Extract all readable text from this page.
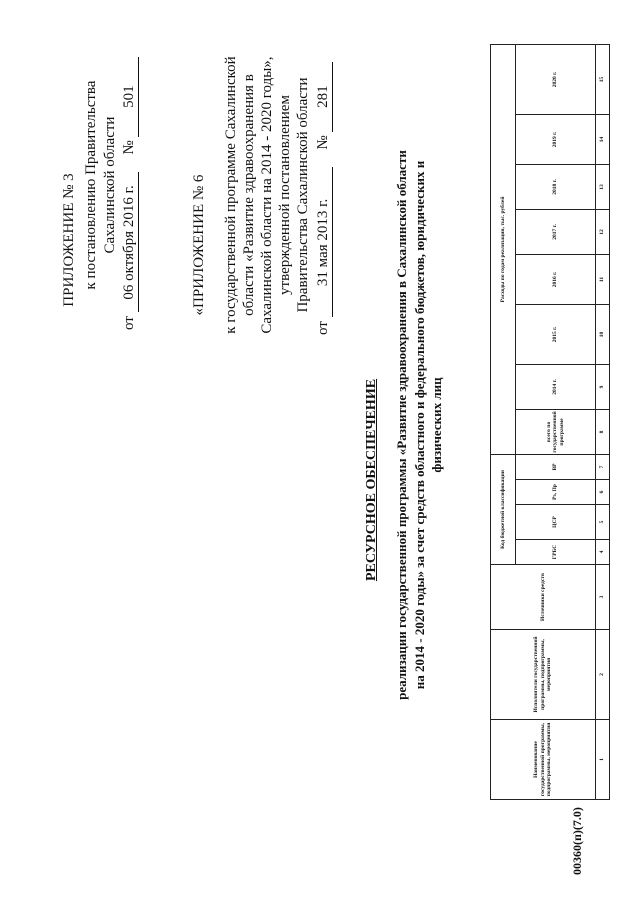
ПРИЛОЖЕНИЕ № 3 к постановлению Правительства Сахалинской области
от 06 октября 2016 г. № 501
«ПРИЛОЖЕНИЕ № 6 к государственной программе Сахалинской области «Развитие здравоохранения в Сахалинской области на 2014 - 2020 годы», утвержденной постановлением Правительства Сахалинской области
от 31 мая 2013 г. № 281
РЕСУРСНОЕ ОБЕСПЕЧЕНИЕ реализации государственной программы «Развитие здравоохранения в Сахалинской области на 2014 - 2020 годы» за счет средств областного и федерального бюджетов, юридических и физических лиц
Наименование государственной программы, подпрограммы, мероприятия	Исполнители государственной программы, подпрограммы, мероприятия	Источники средств	Код бюджетной классификации				Расходы по годам реализации, тыс. рублей							
			ГРБС	ЦСР	Рз, Пр	ВР	всего по государственной программе	2014 г.	2015 г.	2016 г.	2017 г.	2018 г.	2019 г.	2020 г.
1	2	3	4	5	6	7	8	9	10	11	12	13	14	15
00360(п)(7.0)
